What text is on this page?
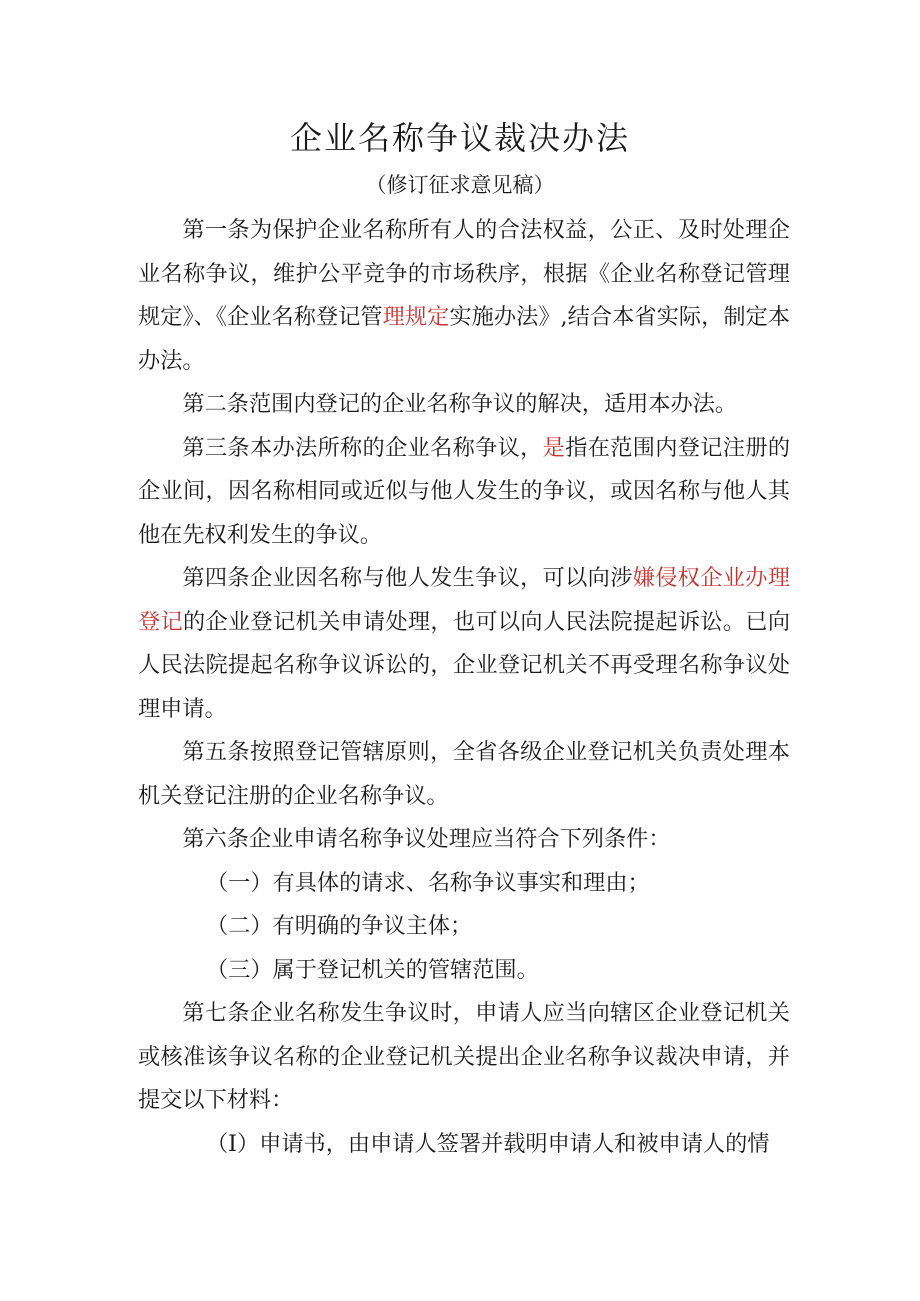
企业名称争议裁决办法

（修订征求意见稿）

第一条为保护企业名称所有人的合法权益，公正、及时处理企业名称争议，维护公平竞争的市场秩序，根据《企业名称登记管理规定》、《企业名称登记管理规定实施办法》,结合本省实际，制定本办法。

第二条范围内登记的企业名称争议的解决，适用本办法。

第三条本办法所称的企业名称争议，是指在范围内登记注册的企业间，因名称相同或近似与他人发生的争议，或因名称与他人其他在先权利发生的争议。

第四条企业因名称与他人发生争议，可以向涉嫌侵权企业办理登记的企业登记机关申请处理，也可以向人民法院提起诉讼。已向人民法院提起名称争议诉讼的，企业登记机关不再受理名称争议处理申请。

第五条按照登记管辖原则，全省各级企业登记机关负责处理本机关登记注册的企业名称争议。

第六条企业申请名称争议处理应当符合下列条件：

（一）有具体的请求、名称争议事实和理由；

（二）有明确的争议主体；

（三）属于登记机关的管辖范围。

第七条企业名称发生争议时，申请人应当向辖区企业登记机关或核准该争议名称的企业登记机关提出企业名称争议裁决申请，并提交以下材料：

（I）申请书，由申请人签署并载明申请人和被申请人的情
